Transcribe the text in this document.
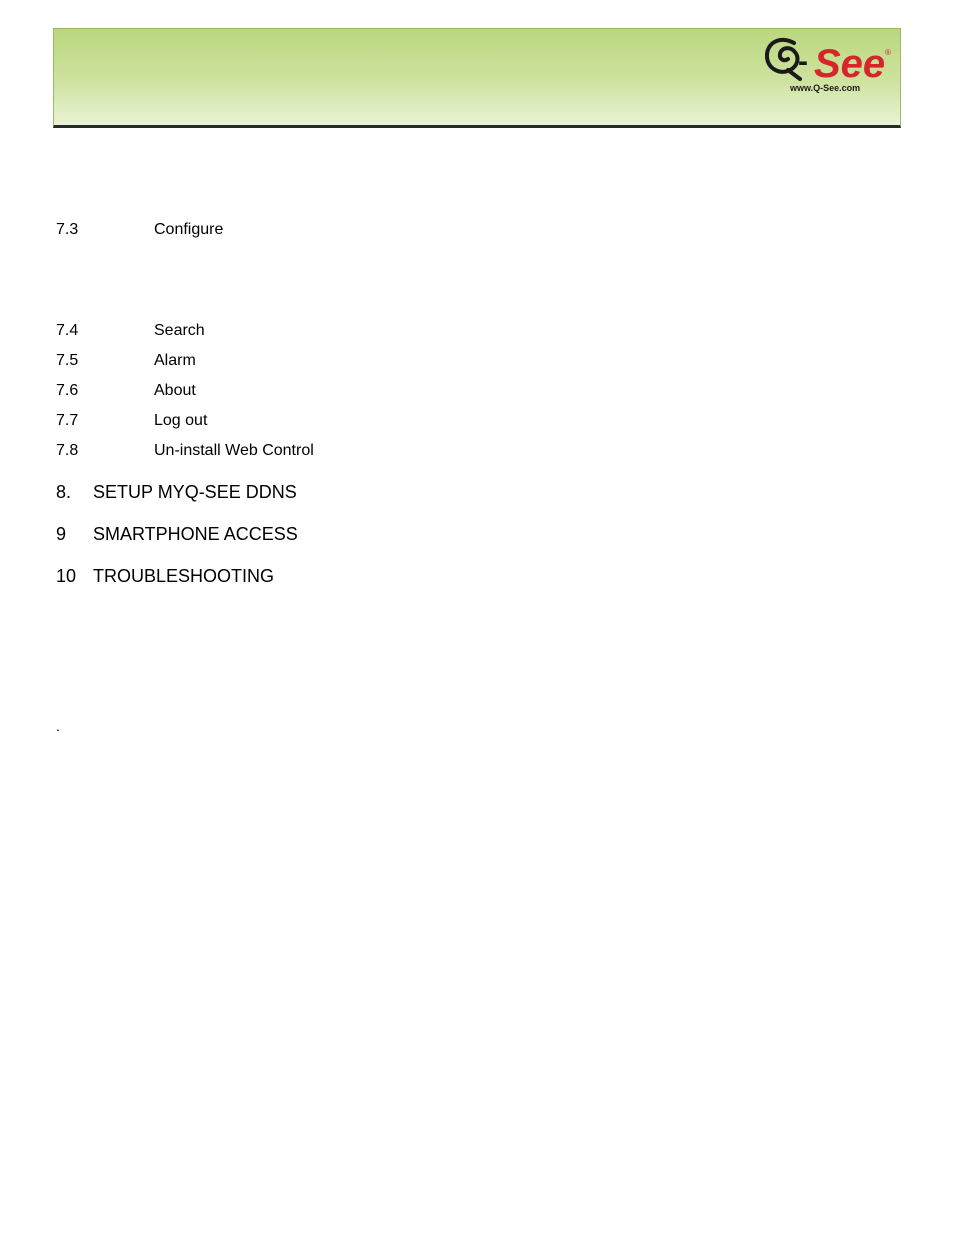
- See ®
www.Q-See.com
7.3	Configure
7.4	Search
7.5	Alarm
7.6	About
7.7	Log out
7.8	Un-install Web Control
8. SETUP MYQ-SEE DDNS
9 SMARTPHONE ACCESS
10 TROUBLESHOOTING
.
